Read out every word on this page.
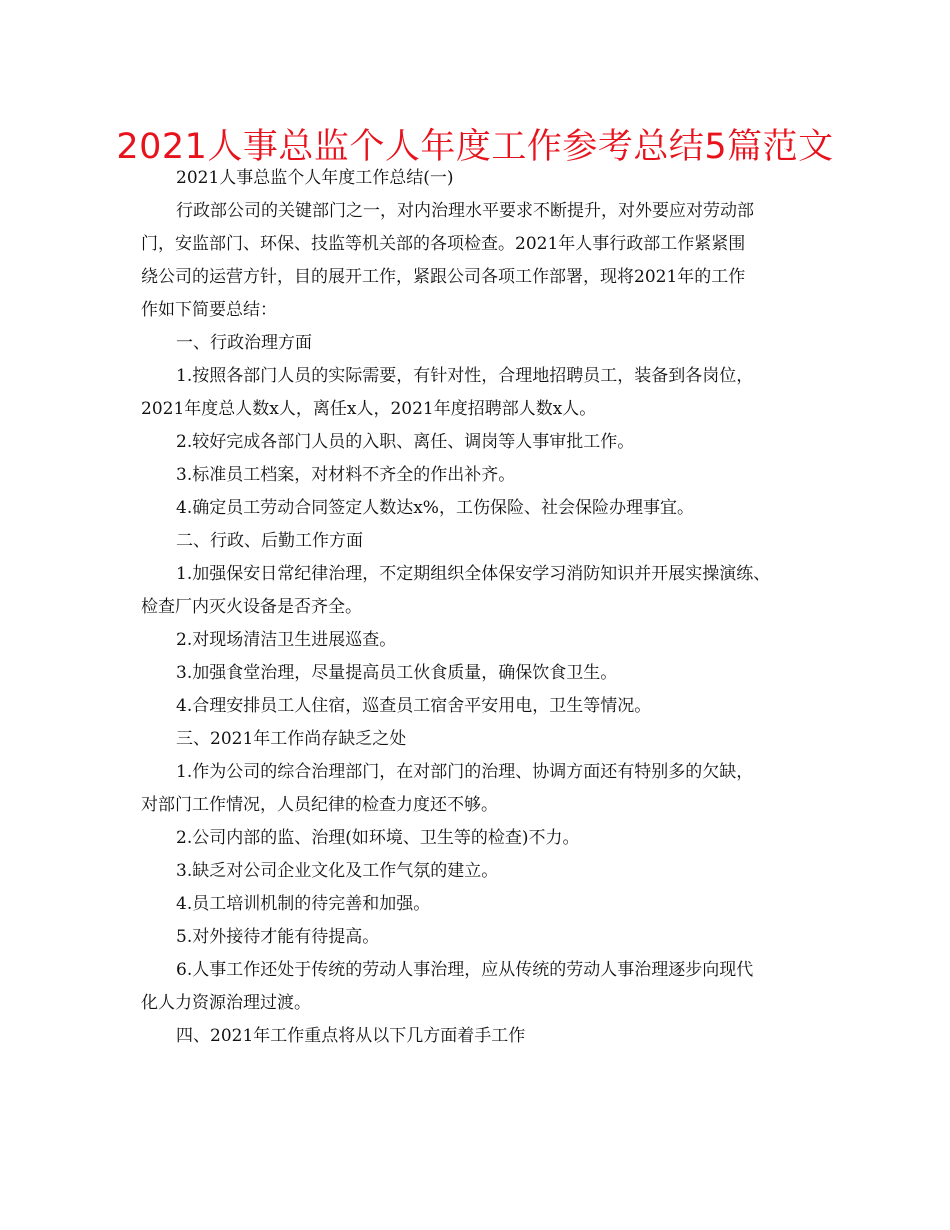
2021人事总监个人年度工作参考总结5篇范文
2021人事总监个人年度工作总结(一)
行政部公司的关键部门之一，对内治理水平要求不断提升，对外要应对劳动部
门，安监部门、环保、技监等机关部的各项检查。2021年人事行政部工作紧紧围
绕公司的运营方针，目的展开工作，紧跟公司各项工作部署，现将2021年的工作
作如下简要总结：
一、行政治理方面
1.按照各部门人员的实际需要，有针对性，合理地招聘员工，装备到各岗位，
2021年度总人数x人，离任x人，2021年度招聘部人数x人。
2.较好完成各部门人员的入职、离任、调岗等人事审批工作。
3.标准员工档案，对材料不齐全的作出补齐。
4.确定员工劳动合同签定人数达x%，工伤保险、社会保险办理事宜。
二、行政、后勤工作方面
1.加强保安日常纪律治理，不定期组织全体保安学习消防知识并开展实操演练、
检查厂内灭火设备是否齐全。
2.对现场清洁卫生进展巡查。
3.加强食堂治理，尽量提高员工伙食质量，确保饮食卫生。
4.合理安排员工人住宿，巡查员工宿舍平安用电，卫生等情况。
三、2021年工作尚存缺乏之处
1.作为公司的综合治理部门，在对部门的治理、协调方面还有特别多的欠缺，
对部门工作情况，人员纪律的检查力度还不够。
2.公司内部的监、治理(如环境、卫生等的检查)不力。
3.缺乏对公司企业文化及工作气氛的建立。
4.员工培训机制的待完善和加强。
5.对外接待才能有待提高。
6.人事工作还处于传统的劳动人事治理，应从传统的劳动人事治理逐步向现代
化人力资源治理过渡。
四、2021年工作重点将从以下几方面着手工作
